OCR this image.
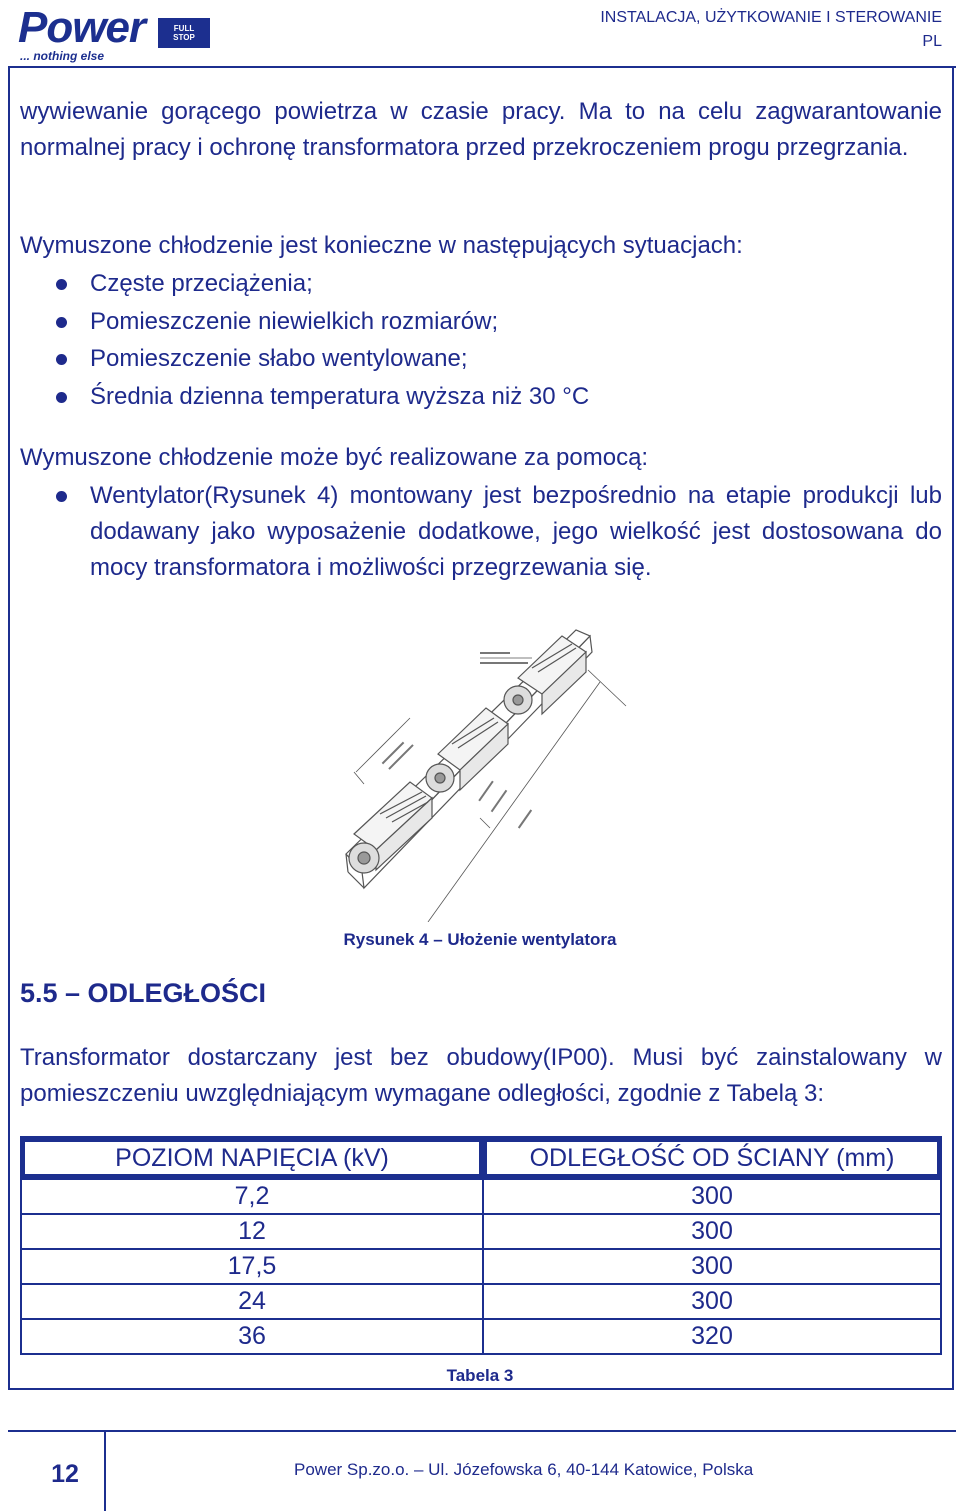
Power	FULL
STOP
... nothing else
INSTALACJA, UŻYTKOWANIE I STEROWANIE
PL

wywiewanie gorącego powietrza w czasie pracy. Ma to na celu zagwarantowanie normalnej pracy i ochronę transformatora przed przekroczeniem progu przegrzania.

Wymuszone chłodzenie jest konieczne w następujących sytuacjach:

Częste przeciążenia;
Pomieszczenie niewielkich rozmiarów;
Pomieszczenie słabo wentylowane;
Średnia dzienna temperatura wyższa niż 30 °C

Wymuszone chłodzenie może być realizowane za pomocą:

Wentylator(Rysunek 4) montowany jest bezpośrednio na etapie produkcji lub dodawany jako wyposażenie dodatkowe, jego wielkość jest dostosowana do mocy transformatora i możliwości przegrzewania się.
Rysunek 4 – Ułożenie wentylatora
5.5 – ODLEGŁOŚCI

Transformator dostarczany jest bez obudowy(IP00). Musi być zainstalowany w pomieszczeniu uwzględniającym wymagane odległości, zgodnie z Tabelą 3:

POZIOM NAPIĘCIA (kV)	ODLEGŁOŚĆ OD ŚCIANY (mm)

7,2	300
12	300
17,5	300
24	300
36	320
Tabela 3
12	Power Sp.zo.o. – Ul. Józefowska 6, 40-144 Katowice, Polska
